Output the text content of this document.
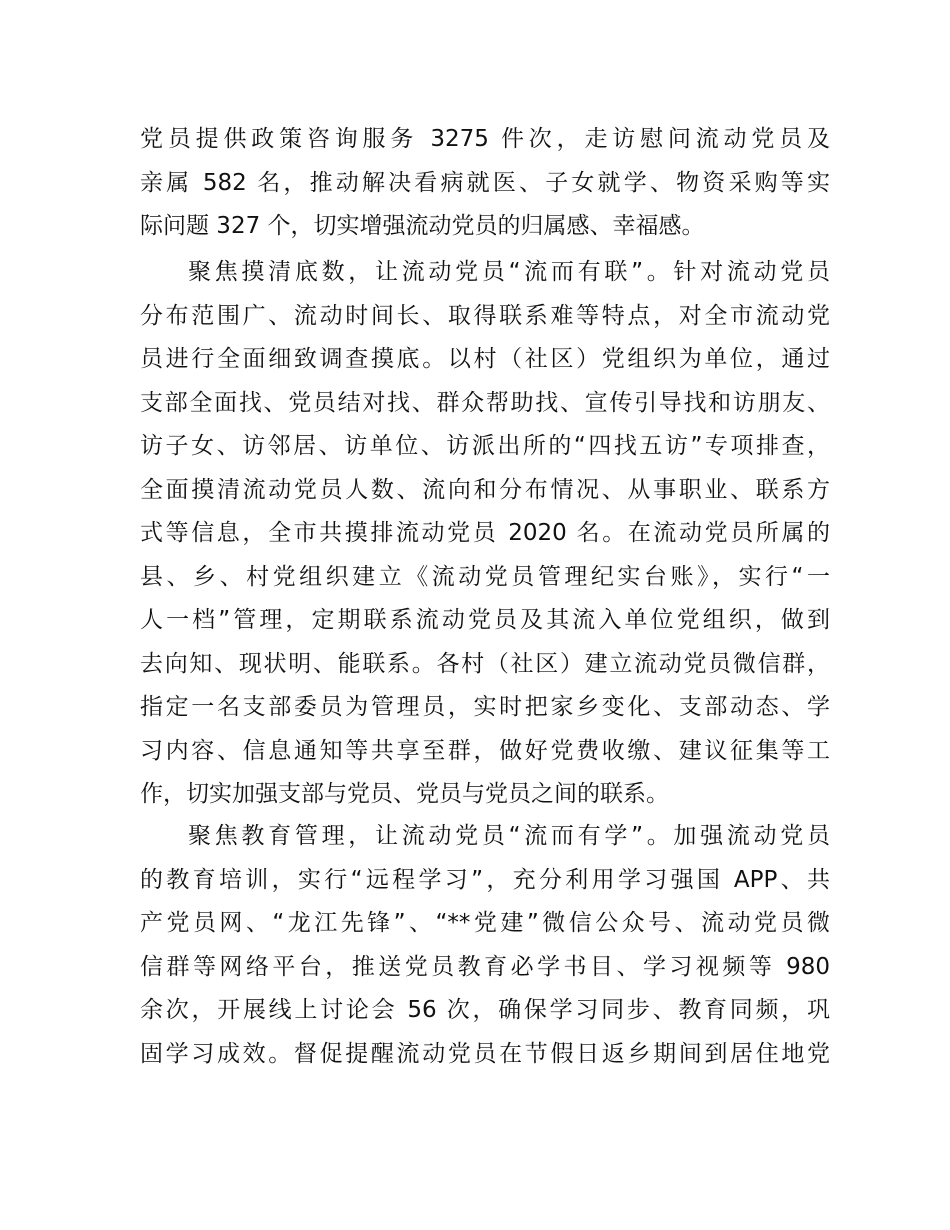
党员提供政策咨询服务 3275 件次，走访慰问流动党员及
亲属 582 名，推动解决看病就医、子女就学、物资采购等实
际问题 327 个，切实增强流动党员的归属感、幸福感。
聚焦摸清底数，让流动党员“流而有联”。针对流动党员
分布范围广、流动时间长、取得联系难等特点，对全市流动党
员进行全面细致调查摸底。以村（社区）党组织为单位，通过
支部全面找、党员结对找、群众帮助找、宣传引导找和访朋友、
访子女、访邻居、访单位、访派出所的“四找五访”专项排查，
全面摸清流动党员人数、流向和分布情况、从事职业、联系方
式等信息，全市共摸排流动党员 2020 名。在流动党员所属的
县、乡、村党组织建立《流动党员管理纪实台账》，实行“一
人一档”管理，定期联系流动党员及其流入单位党组织，做到
去向知、现状明、能联系。各村（社区）建立流动党员微信群，
指定一名支部委员为管理员，实时把家乡变化、支部动态、学
习内容、信息通知等共享至群，做好党费收缴、建议征集等工
作，切实加强支部与党员、党员与党员之间的联系。
聚焦教育管理，让流动党员“流而有学”。加强流动党员
的教育培训，实行“远程学习”，充分利用学习强国 APP、共
产党员网、“龙江先锋”、“**党建”微信公众号、流动党员微
信群等网络平台，推送党员教育必学书目、学习视频等 980
余次，开展线上讨论会 56 次，确保学习同步、教育同频，巩
固学习成效。督促提醒流动党员在节假日返乡期间到居住地党
